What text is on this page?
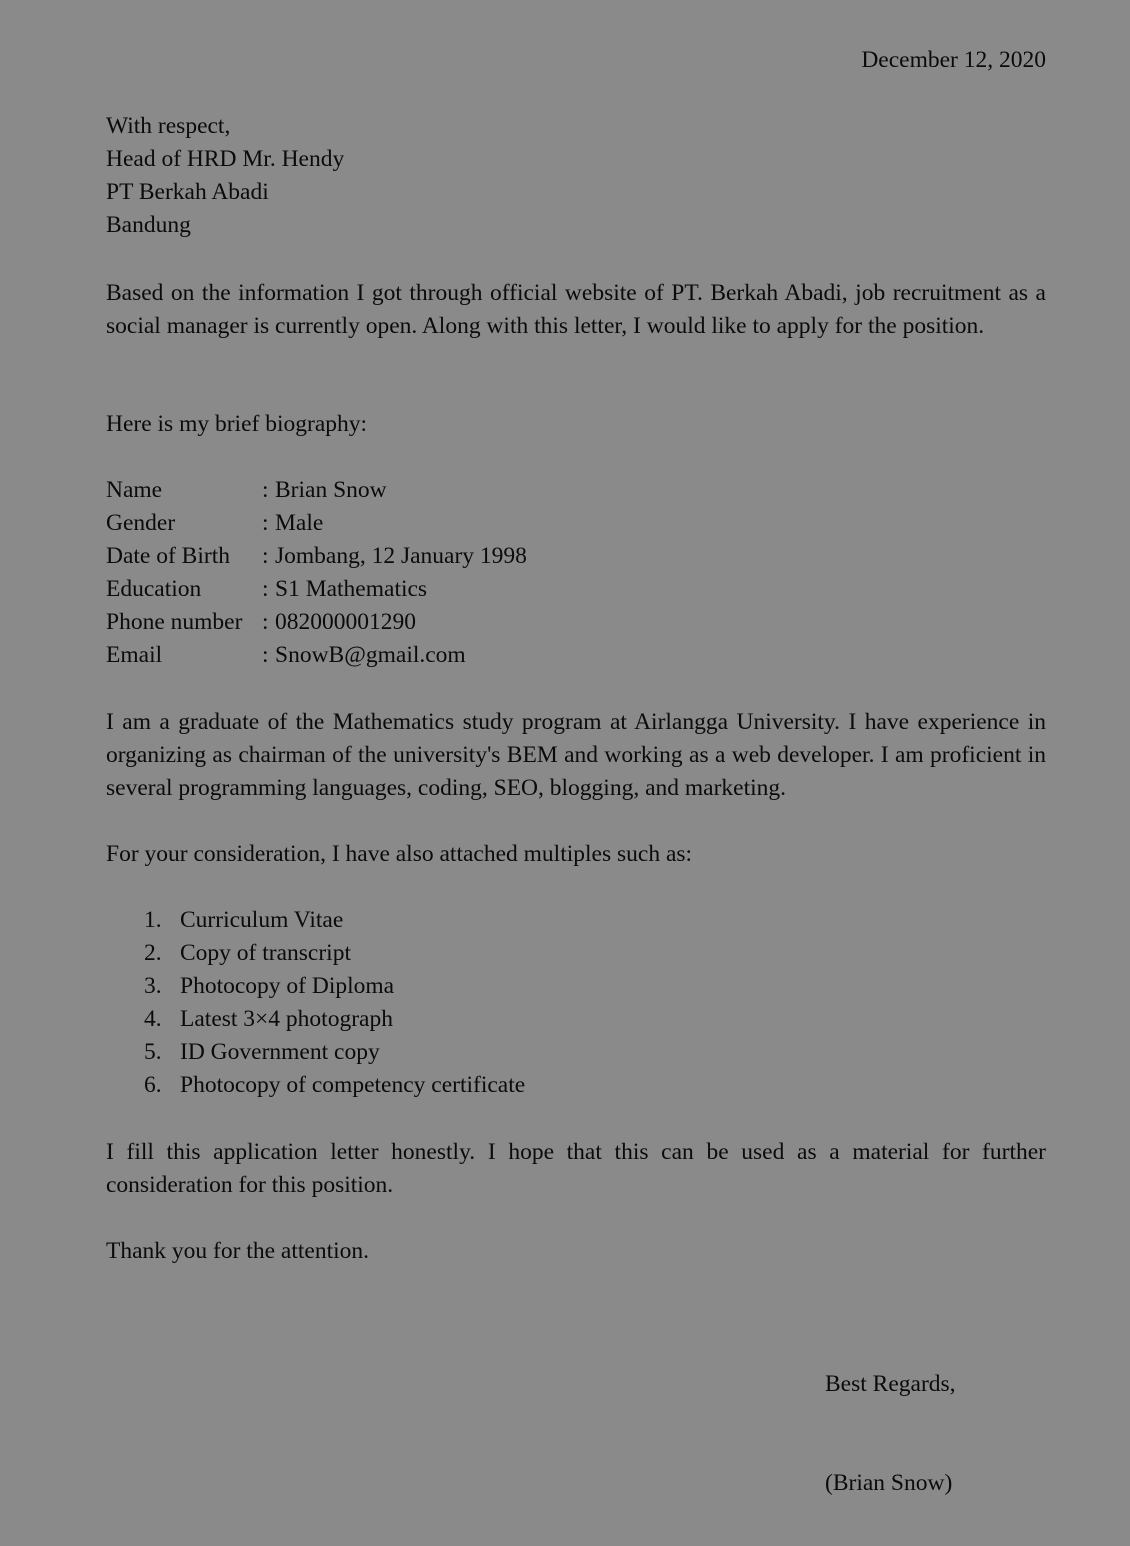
December 12, 2020
With respect,
Head of HRD Mr. Hendy
PT Berkah Abadi
Bandung

Based on the information I got through official website of PT. Berkah Abadi, job recruitment as a social manager is currently open. Along with this letter, I would like to apply for the position.

Here is my brief biography:

Name	: Brian Snow
Gender	: Male
Date of Birth	: Jombang, 12 January 1998
Education	: S1 Mathematics
Phone number : 082000001290
Email	: SnowB@gmail.com

I am a graduate of the Mathematics study program at Airlangga University. I have experience in organizing as chairman of the university's BEM and working as a web developer. I am proficient in several programming languages, coding, SEO, blogging, and marketing.

For your consideration, I have also attached multiples such as:

1. Curriculum Vitae
2. Copy of transcript
3. Photocopy of Diploma
4. Latest 3×4 photograph
5. ID Government copy
6. Photocopy of competency certificate

I fill this application letter honestly. I hope that this can be used as a material for further consideration for this position.

Thank you for the attention.

Best Regards,
(Brian Snow)
